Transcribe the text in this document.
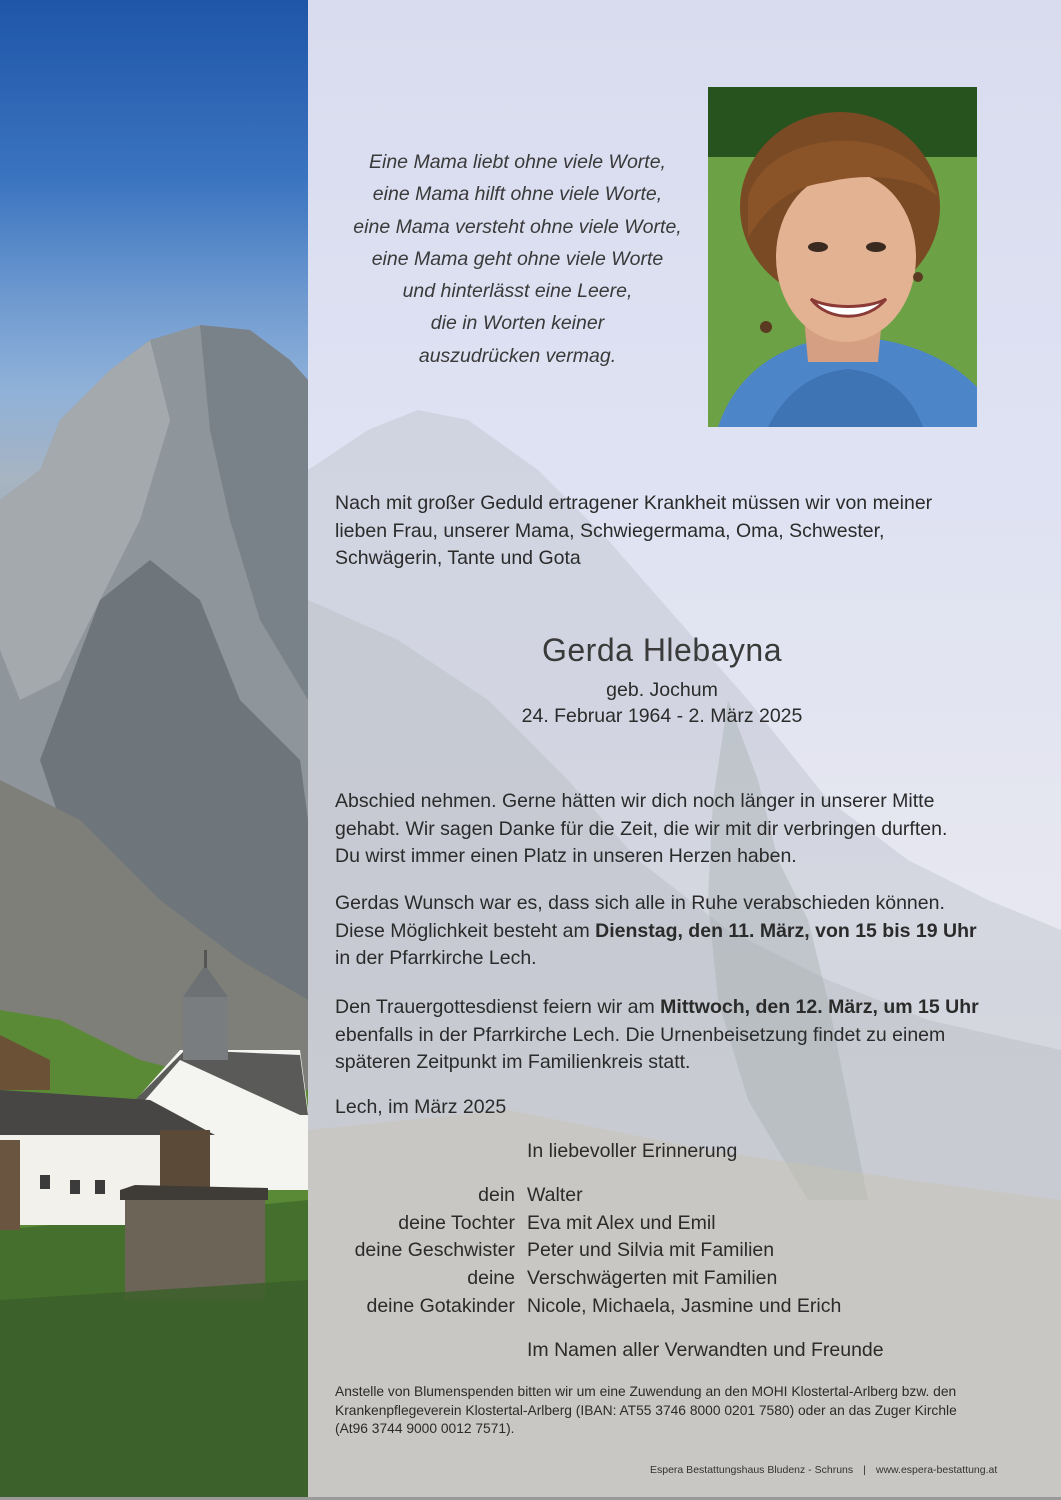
Eine Mama liebt ohne viele Worte,
eine Mama hilft ohne viele Worte,
eine Mama versteht ohne viele Worte,
eine Mama geht ohne viele Worte
und hinterlässt eine Leere,
die in Worten keiner
auszudrücken vermag.
Nach mit großer Geduld ertragener Krankheit müssen wir von meiner
lieben Frau, unserer Mama, Schwiegermama, Oma, Schwester,
Schwägerin, Tante und Gota
Gerda Hlebayna
geb. Jochum
24. Februar 1964 - 2. März 2025
Abschied nehmen. Gerne hätten wir dich noch länger in unserer Mitte
gehabt. Wir sagen Danke für die Zeit, die wir mit dir verbringen durften.
Du wirst immer einen Platz in unseren Herzen haben.
Gerdas Wunsch war es, dass sich alle in Ruhe verabschieden können.
Diese Möglichkeit besteht am Dienstag, den 11. März, von 15 bis 19 Uhr
in der Pfarrkirche Lech.
Den Trauergottesdienst feiern wir am Mittwoch, den 12. März, um 15 Uhr
ebenfalls in der Pfarrkirche Lech. Die Urnenbeisetzung findet zu einem
späteren Zeitpunkt im Familienkreis statt.
Lech, im März 2025
In liebevoller Erinnerung
dein Walter
deine Tochter Eva mit Alex und Emil
deine Geschwister Peter und Silvia mit Familien
deine Verschwägerten mit Familien
deine Gotakinder Nicole, Michaela, Jasmine und Erich
Im Namen aller Verwandten und Freunde
Anstelle von Blumenspenden bitten wir um eine Zuwendung an den MOHI Klostertal-Arlberg bzw. den
Krankenpflegeverein Klostertal-Arlberg (IBAN: AT55 3746 8000 0201 7580) oder an das Zuger Kirchle
(At96 3744 9000 0012 7571).
Espera Bestattungshaus Bludenz - Schruns | www.espera-bestattung.at
